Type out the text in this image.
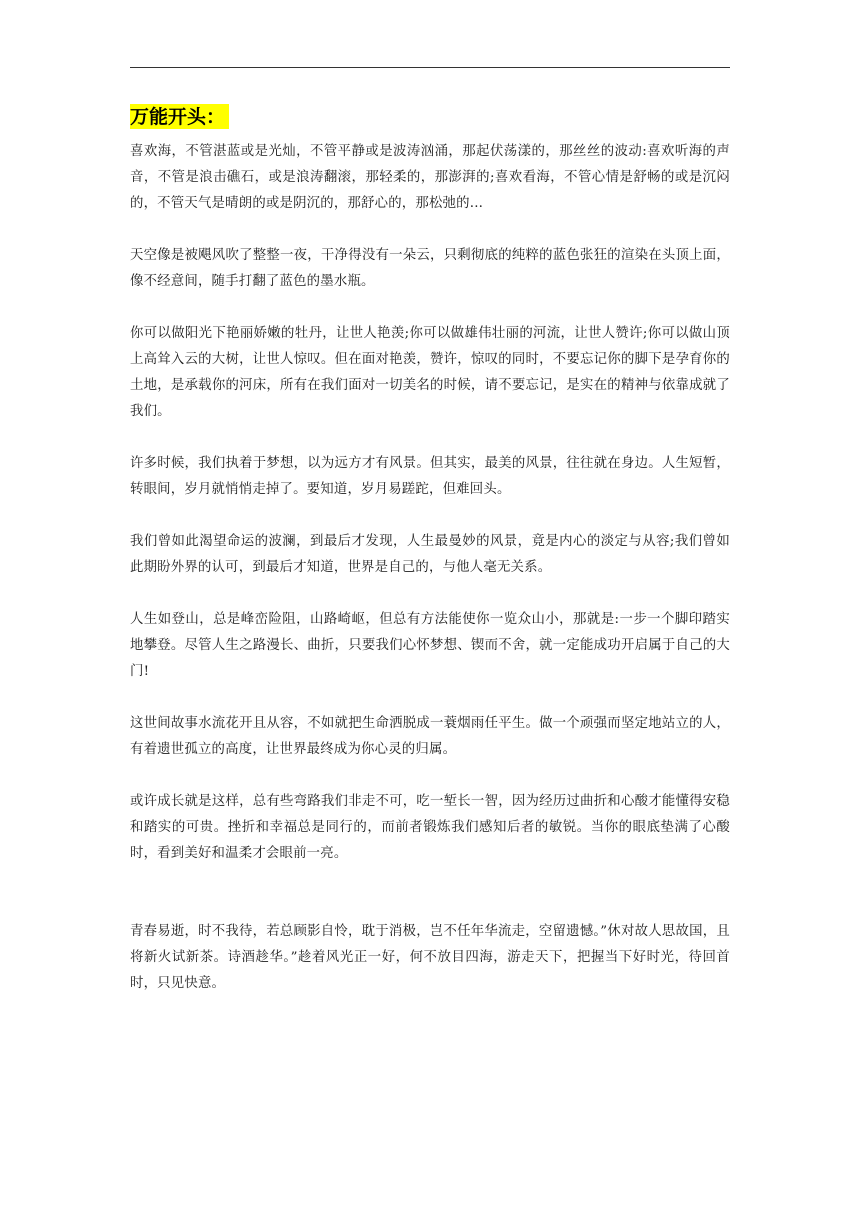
万能开头：

喜欢海，不管湛蓝或是光灿，不管平静或是波涛汹涌，那起伏荡漾的，那丝丝的波动:喜欢听海的声音，不管是浪击礁石，或是浪涛翻滚，那轻柔的，那澎湃的;喜欢看海，不管心情是舒畅的或是沉闷的，不管天气是晴朗的或是阴沉的，那舒心的，那松弛的...

天空像是被飓风吹了整整一夜，干净得没有一朵云，只剩彻底的纯粹的蓝色张狂的渲染在头顶上面，像不经意间，随手打翻了蓝色的墨水瓶。

你可以做阳光下艳丽娇嫩的牡丹，让世人艳羡;你可以做雄伟壮丽的河流，让世人赞许;你可以做山顶上高耸入云的大树，让世人惊叹。但在面对艳羡，赞许，惊叹的同时，不要忘记你的脚下是孕育你的土地，是承载你的河床，所有在我们面对一切美名的时候，请不要忘记，是实在的精神与依靠成就了我们。

许多时候，我们执着于梦想，以为远方才有风景。但其实，最美的风景，往往就在身边。人生短暂，转眼间，岁月就悄悄走掉了。要知道，岁月易蹉跎，但难回头。

我们曾如此渴望命运的波澜，到最后才发现，人生最曼妙的风景，竟是内心的淡定与从容;我们曾如此期盼外界的认可，到最后才知道，世界是自己的，与他人毫无关系。

人生如登山，总是峰峦险阻，山路崎岖，但总有方法能使你一览众山小，那就是:一步一个脚印踏实地攀登。尽管人生之路漫长、曲折，只要我们心怀梦想、锲而不舍，就一定能成功开启属于自己的大门!

这世间故事水流花开且从容，不如就把生命洒脱成一蓑烟雨任平生。做一个顽强而坚定地站立的人，有着遗世孤立的高度，让世界最终成为你心灵的归属。

或许成长就是这样，总有些弯路我们非走不可，吃一堑长一智，因为经历过曲折和心酸才能懂得安稳和踏实的可贵。挫折和幸福总是同行的，而前者锻炼我们感知后者的敏锐。当你的眼底垫满了心酸时，看到美好和温柔才会眼前一亮。

青春易逝，时不我待，若总顾影自怜，耽于消极，岂不任年华流走，空留遗憾。”休对故人思故国，且将新火试新茶。诗酒趁华。”趁着风光正一好，何不放目四海，游走天下，把握当下好时光，待回首时，只见快意。
